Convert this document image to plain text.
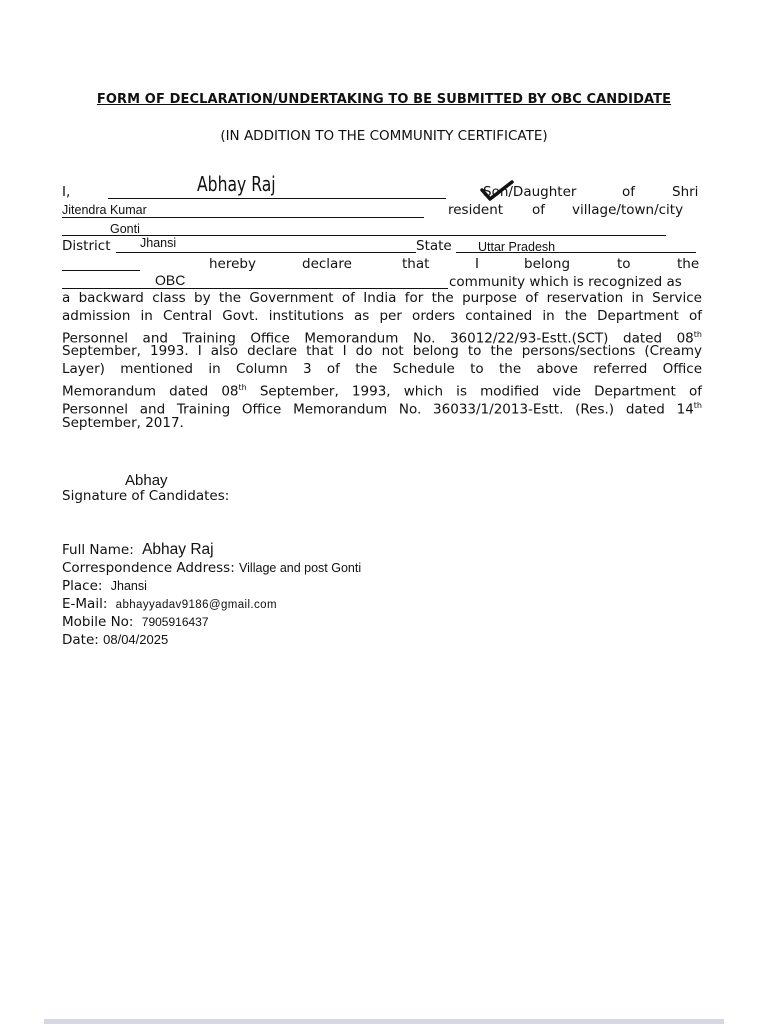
FORM OF DECLARATION/UNDERTAKING TO BE SUBMITTED BY OBC CANDIDATE
(IN ADDITION TO THE COMMUNITY CERTIFICATE)
I,	Abhay Raj	Son/Daughter	of	Shri
Jitendra Kumar	resident of village/town/city
Gonti
District Jhansi	State Uttar Pradesh
hereby	declare	that	I	belong	to	the
OBC	community which is recognized as
a backward class by the Government of India for the purpose of reservation in Service
admission in Central Govt. institutions as per orders contained in the Department of
Personnel and Training Office Memorandum No. 36012/22/93-Estt.(SCT) dated 08th
September, 1993. I also declare that I do not belong to the persons/sections (Creamy
Layer) mentioned in Column 3 of the Schedule to the above referred Office
Memorandum dated 08th September, 1993, which is modified vide Department of
Personnel and Training Office Memorandum No. 36033/1/2013-Estt. (Res.) dated 14th
September, 2017.
Abhay
Signature of Candidates:
Full Name: Abhay Raj
Correspondence Address: Village and post Gonti
Place: Jhansi
E-Mail: abhayyadav9186@gmail.com
Mobile No: 7905916437
Date: 08/04/2025
